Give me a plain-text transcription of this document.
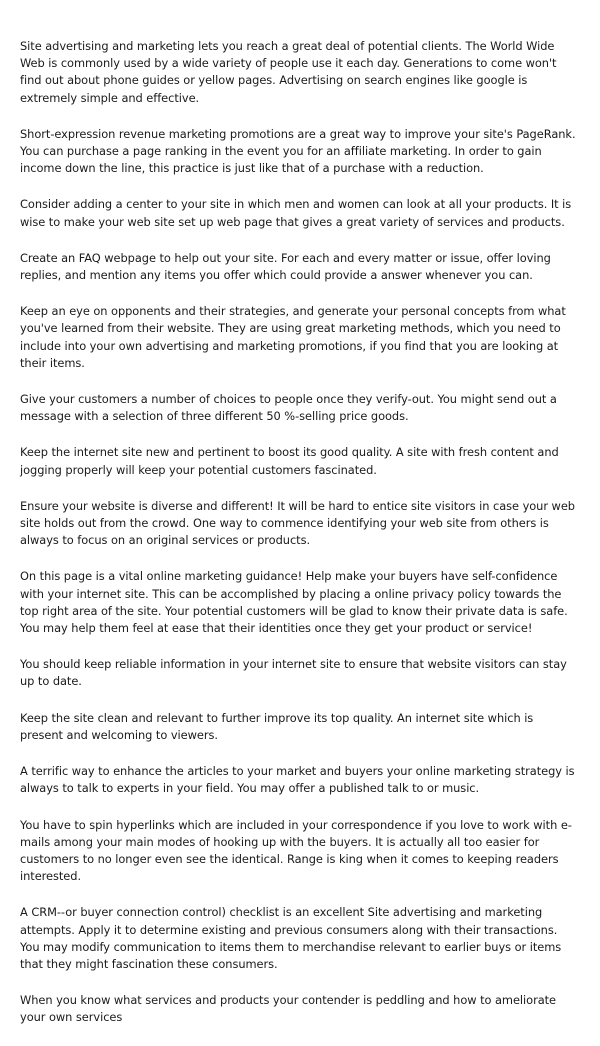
Site advertising and marketing lets you reach a great deal of potential clients. The World Wide Web is commonly used by a wide variety of people use it each day. Generations to come won't find out about phone guides or yellow pages. Advertising on search engines like google is extremely simple and effective.

Short-expression revenue marketing promotions are a great way to improve your site's PageRank. You can purchase a page ranking in the event you for an affiliate marketing. In order to gain income down the line, this practice is just like that of a purchase with a reduction.

Consider adding a center to your site in which men and women can look at all your products. It is wise to make your web site set up web page that gives a great variety of services and products.

Create an FAQ webpage to help out your site. For each and every matter or issue, offer loving replies, and mention any items you offer which could provide a answer whenever you can.

Keep an eye on opponents and their strategies, and generate your personal concepts from what you've learned from their website. They are using great marketing methods, which you need to include into your own advertising and marketing promotions, if you find that you are looking at their items.

Give your customers a number of choices to people once they verify-out. You might send out a message with a selection of three different 50 %-selling price goods.

Keep the internet site new and pertinent to boost its good quality. A site with fresh content and jogging properly will keep your potential customers fascinated.

Ensure your website is diverse and different! It will be hard to entice site visitors in case your web site holds out from the crowd. One way to commence identifying your web site from others is always to focus on an original services or products.

On this page is a vital online marketing guidance! Help make your buyers have self-confidence with your internet site. This can be accomplished by placing a online privacy policy towards the top right area of the site. Your potential customers will be glad to know their private data is safe. You may help them feel at ease that their identities once they get your product or service!

You should keep reliable information in your internet site to ensure that website visitors can stay up to date.

Keep the site clean and relevant to further improve its top quality. An internet site which is present and welcoming to viewers.

A terrific way to enhance the articles to your market and buyers your online marketing strategy is always to talk to experts in your field. You may offer a published talk to or music.

You have to spin hyperlinks which are included in your correspondence if you love to work with e-mails among your main modes of hooking up with the buyers. It is actually all too easier for customers to no longer even see the identical. Range is king when it comes to keeping readers interested.

A CRM--or buyer connection control) checklist is an excellent Site advertising and marketing attempts. Apply it to determine existing and previous consumers along with their transactions. You may modify communication to items them to merchandise relevant to earlier buys or items that they might fascination these consumers.

When you know what services and products your contender is peddling and how to ameliorate your own services
